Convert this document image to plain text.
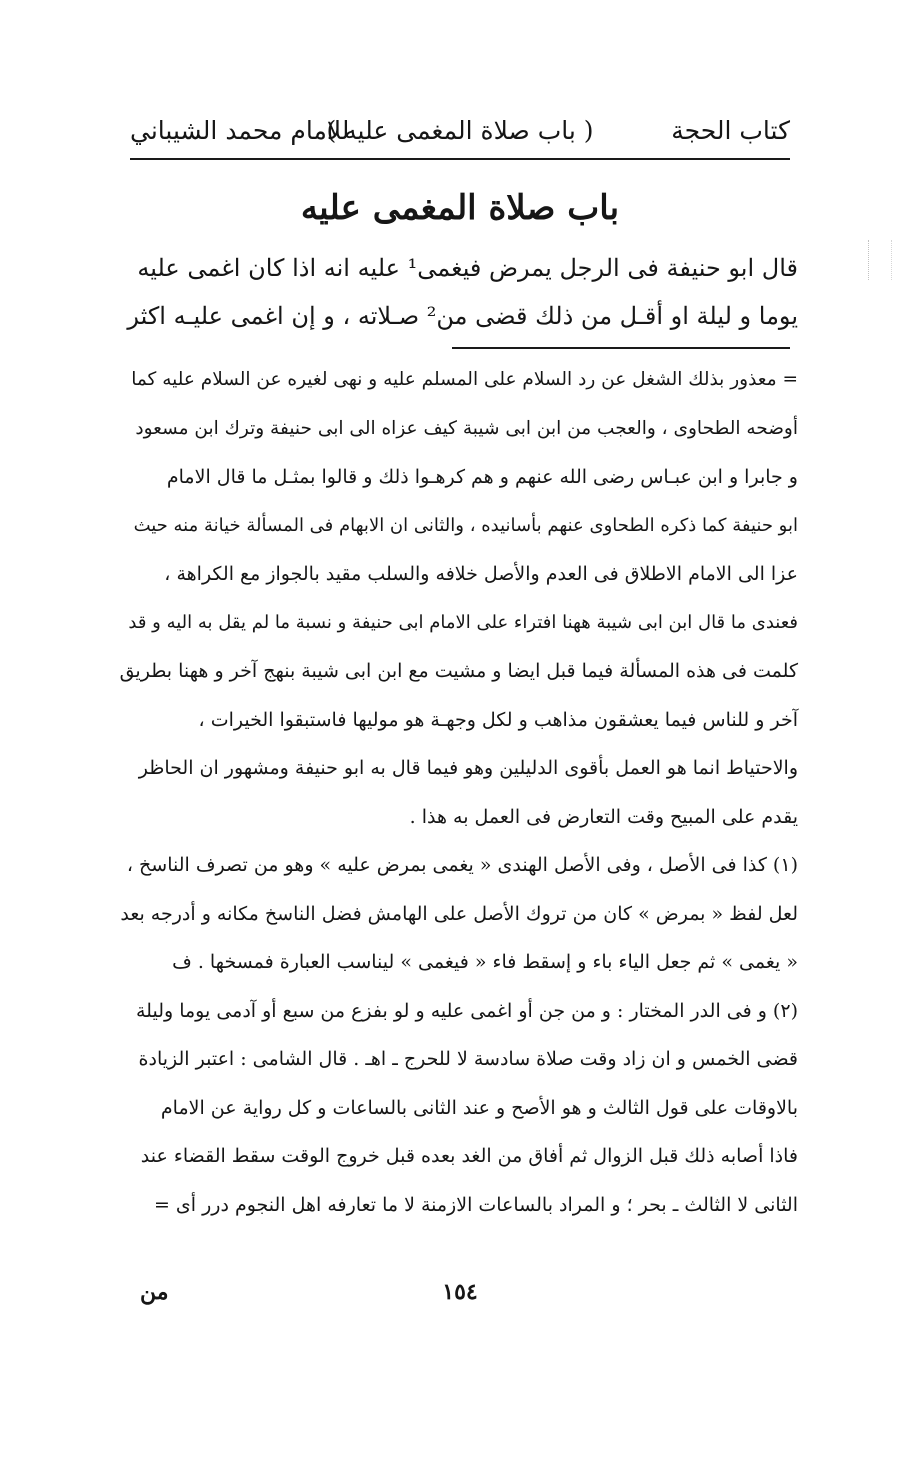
كتاب الحجة
( باب صلاة المغمى عليه )
للامام محمد الشيباني
باب صلاة المغمى عليه
قال ابو حنيفة فى الرجل يمرض فيغمى¹ عليه انه اذا كان اغمى عليه
يوما و ليلة او أقـل من ذلك قضى من² صـلاته ، و إن اغمى عليـه اكثر
= معذور بذلك الشغل عن رد السلام على المسلم عليه و نهى لغيره عن السلام عليه كما
أوضحه الطحاوى ، والعجب من ابن ابى شيبة كيف عزاه الى ابى حنيفة وترك ابن مسعود
و جابرا و ابن عبـاس رضى الله عنهم و هم كرهـوا ذلك و قالوا بمثـل ما قال الامام
ابو حنيفة كما ذكره الطحاوى عنهم بأسانيده ، والثانى ان الابهام فى المسألة خيانة منه حيث
عزا الى الامام الاطلاق فى العدم والأصل خلافه والسلب مقيد بالجواز مع الكراهة ،
فعندى ما قال ابن ابى شيبة ههنا افتراء على الامام ابى حنيفة و نسبة ما لم يقل به اليه و قد
كلمت فى هذه المسألة فيما قبل ايضا و مشيت مع ابن ابى شيبة بنهج آخر و ههنا بطريق
آخر و للناس فيما يعشقون مذاهب و لكل وجهـة هو موليها فاستبقوا الخيرات ،
والاحتياط انما هو العمل بأقوى الدليلين وهو فيما قال به ابو حنيفة ومشهور ان الحاظر
يقدم على المبيح وقت التعارض فى العمل به هذا .
(١) كذا فى الأصل ، وفى الأصل الهندى « يغمى بمرض عليه » وهو من تصرف الناسخ ،
لعل لفظ « بمرض » كان من تروك الأصل على الهامش فضل الناسخ مكانه و أدرجه بعد
« يغمى » ثم جعل الياء باء و إسقط فاء « فيغمى » ليناسب العبارة فمسخها . ف
(٢) و فى الدر المختار : و من جن أو اغمى عليه و لو بفزع من سبع أو آدمى يوما وليلة
قضى الخمس و ان زاد وقت صلاة سادسة لا للحرج ـ اهـ . قال الشامى : اعتبر الزيادة
بالاوقات على قول الثالث و هو الأصح و عند الثانى بالساعات و كل رواية عن الامام
فاذا أصابه ذلك قبل الزوال ثم أفاق من الغد بعده قبل خروج الوقت سقط القضاء عند
الثانى لا الثالث ـ بحر ؛ و المراد بالساعات الازمنة لا ما تعارفه اهل النجوم درر أى =
١٥٤
من
